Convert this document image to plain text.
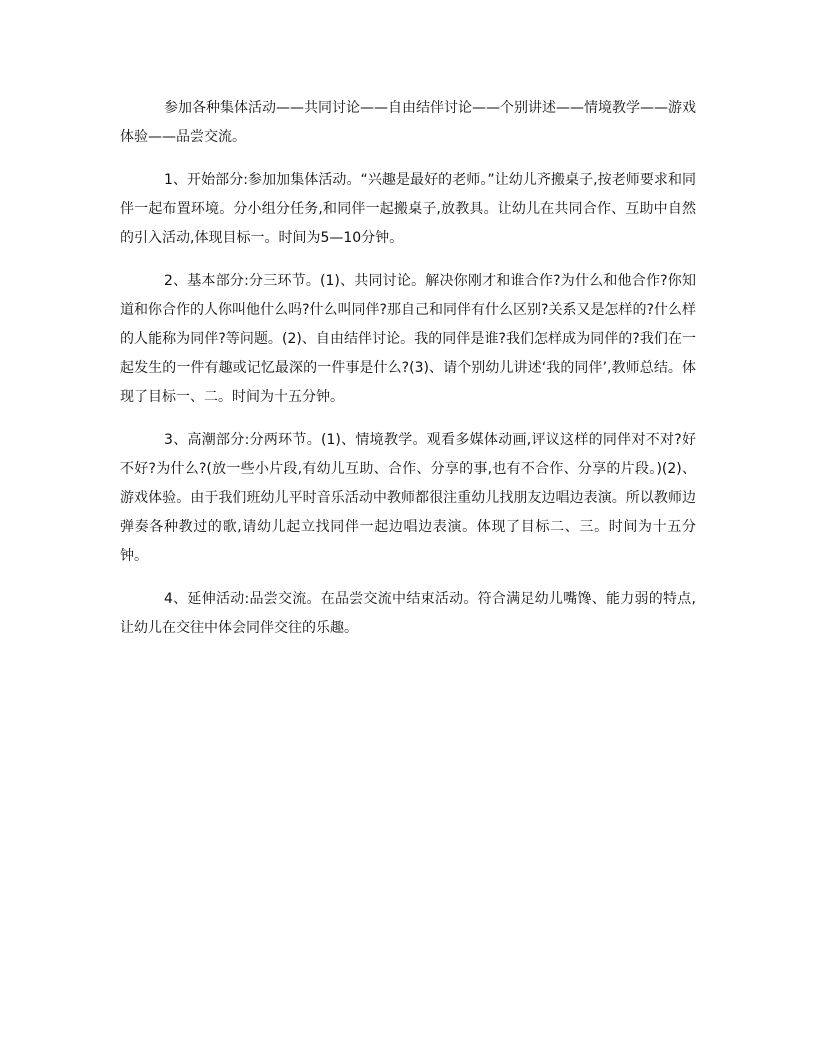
参加各种集体活动——共同讨论——自由结伴讨论——个别讲述——情境教学——游戏体验——品尝交流。

1、开始部分:参加加集体活动。“兴趣是最好的老师。”让幼儿齐搬桌子,按老师要求和同伴一起布置环境。分小组分任务,和同伴一起搬桌子,放教具。让幼儿在共同合作、互助中自然的引入活动,体现目标一。时间为5—10分钟。

2、基本部分:分三环节。(1)、共同讨论。解决你刚才和谁合作?为什么和他合作?你知道和你合作的人你叫他什么吗?什么叫同伴?那自己和同伴有什么区别?关系又是怎样的?什么样的人能称为同伴?等问题。(2)、自由结伴讨论。我的同伴是谁?我们怎样成为同伴的?我们在一起发生的一件有趣或记忆最深的一件事是什么?(3)、请个别幼儿讲述‘我的同伴’,教师总结。体现了目标一、二。时间为十五分钟。

3、高潮部分:分两环节。(1)、情境教学。观看多媒体动画,评议这样的同伴对不对?好不好?为什么?(放一些小片段,有幼儿互助、合作、分享的事,也有不合作、分享的片段。)(2)、游戏体验。由于我们班幼儿平时音乐活动中教师都很注重幼儿找朋友边唱边表演。所以教师边弹奏各种教过的歌,请幼儿起立找同伴一起边唱边表演。体现了目标二、三。时间为十五分钟。

4、延伸活动:品尝交流。在品尝交流中结束活动。符合满足幼儿嘴馋、能力弱的特点,让幼儿在交往中体会同伴交往的乐趣。
